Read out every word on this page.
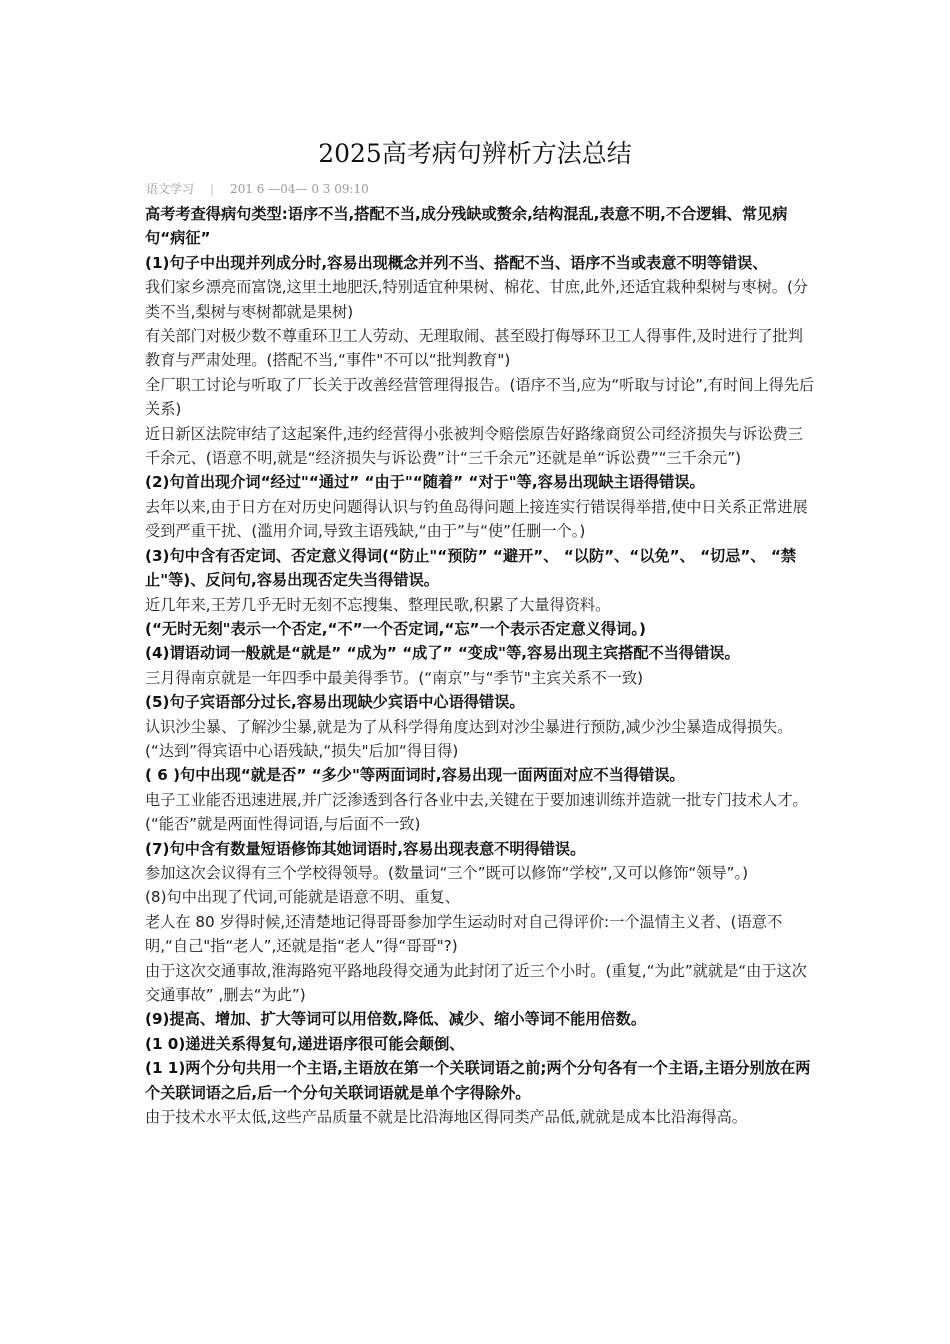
2025高考病句辨析方法总结
语文学习 | 201 6 —04— 0 3 09:10

高考考查得病句类型:语序不当,搭配不当,成分残缺或赘余,结构混乱,表意不明,不合逻辑、常见病句“病征”

(1)句子中出现并列成分时,容易出现概念并列不当、搭配不当、语序不当或表意不明等错误、

我们家乡漂亮而富饶,这里土地肥沃,特别适宜种果树、棉花、甘庶,此外,还适宜栽种梨树与枣树。(分类不当,梨树与枣树都就是果树)

有关部门对极少数不尊重环卫工人劳动、无理取闹、甚至殴打侮辱环卫工人得事件,及时进行了批判教育与严肃处理。(搭配不当,“事件"不可以“批判教育")

全厂职工讨论与听取了厂长关于改善经营管理得报告。(语序不当,应为“听取与讨论”,有时间上得先后关系)

近日新区法院审结了这起案件,违约经营得小张被判令赔偿原告好路缘商贸公司经济损失与诉讼费三千余元、(语意不明,就是“经济损失与诉讼费”计“三千余元”还就是单“诉讼费”“三千余元”)

(2)句首出现介词“经过"“通过” “由于"“随着” “对于"等,容易出现缺主语得错误。

去年以来,由于日方在对历史问题得认识与钓鱼岛得问题上接连实行错误得举措,使中日关系正常进展受到严重干扰、(滥用介词,导致主语残缺,“由于”与“使”任删一个。)

(3)句中含有否定词、否定意义得词(“防止"“预防” “避开”、 “以防”、“以免”、 “切忌”、 “禁止"等)、反问句,容易出现否定失当得错误。

近几年来,王芳几乎无时无刻不忘搜集、整理民歌,积累了大量得资料。

(“无时无刻"表示一个否定,“不”一个否定词,“忘”一个表示否定意义得词。)

(4)谓语动词一般就是“就是” “成为” “成了” “变成"等,容易出现主宾搭配不当得错误。

三月得南京就是一年四季中最美得季节。(“南京”与“季节"主宾关系不一致)

(5)句子宾语部分过长,容易出现缺少宾语中心语得错误。

认识沙尘暴、了解沙尘暴,就是为了从科学得角度达到对沙尘暴进行预防,减少沙尘暴造成得损失。(“达到”得宾语中心语残缺,“损失"后加“得目得)

( 6 )句中出现“就是否” “多少"等两面词时,容易出现一面两面对应不当得错误。

电子工业能否迅速进展,并广泛渗透到各行各业中去,关键在于要加速训练并造就一批专门技术人才。(“能否”就是两面性得词语,与后面不一致)

(7)句中含有数量短语修饰其她词语时,容易出现表意不明得错误。

参加这次会议得有三个学校得领导。(数量词“三个”既可以修饰“学校”,又可以修饰“领导”。)

(8)句中出现了代词,可能就是语意不明、重复、

老人在 80 岁得时候,还清楚地记得哥哥参加学生运动时对自己得评价:一个温情主义者、(语意不明,“自己"指“老人”,还就是指“老人”得“哥哥"?)

由于这次交通事故,淮海路宛平路地段得交通为此封闭了近三个小时。(重复,“为此”就就是“由于这次交通事故” ,删去“为此”)

(9)提高、增加、扩大等词可以用倍数,降低、减少、缩小等词不能用倍数。

(1 0)递进关系得复句,递进语序很可能会颠倒、

(1 1)两个分句共用一个主语,主语放在第一个关联词语之前;两个分句各有一个主语,主语分别放在两个关联词语之后,后一个分句关联词语就是单个字得除外。

由于技术水平太低,这些产品质量不就是比沿海地区得同类产品低,就就是成本比沿海得高。
